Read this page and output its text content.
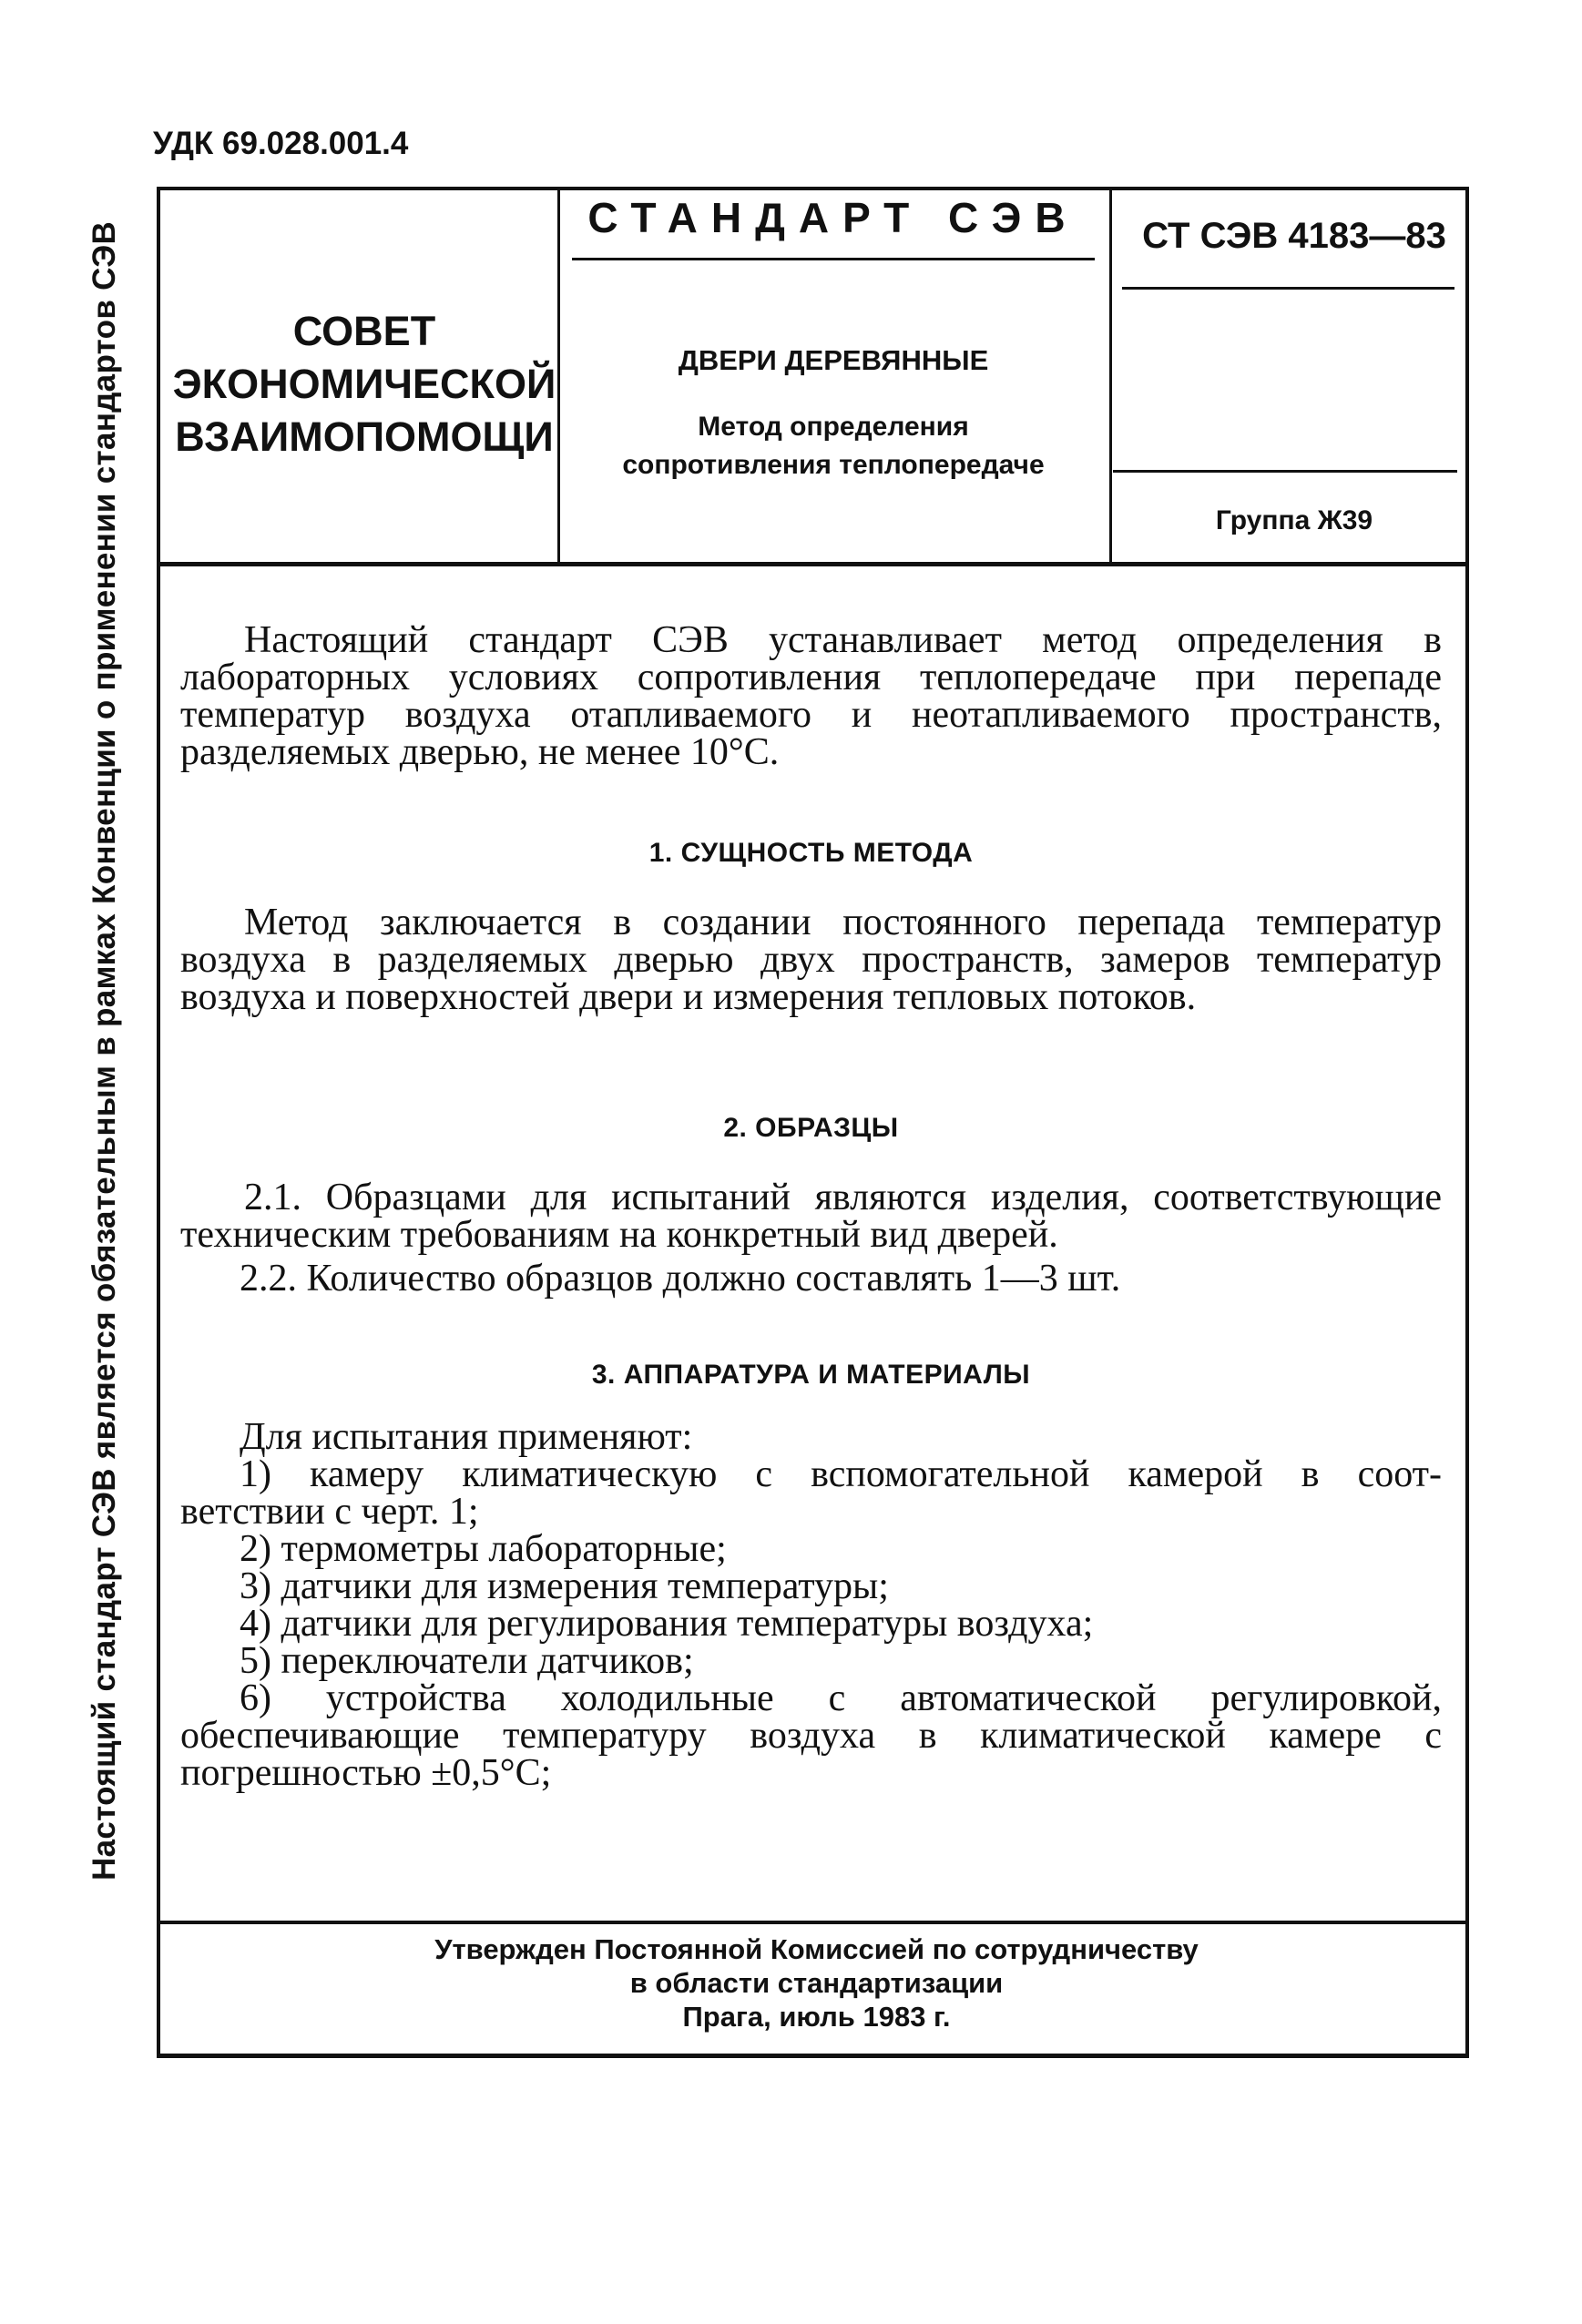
УДК 69.028.001.4
Настоящий стандарт СЭВ является обязательным в рамках Конвенции о применении стандартов СЭВ	СОВЕТ
ЭКОНОМИЧЕСКОЙ
ВЗАИМОПОМОЩИ
СТАНДАРТ СЭВ	СТ СЭВ 4183—83
ДВЕРИ ДЕРЕВЯННЫЕ
Метод определения
сопротивления теплопередаче
Группа Ж39
Настоящий стандарт СЭВ устанавливает метод определения в лабораторных условиях сопротивления теплопередаче при перепаде температур воздуха отапливаемого и неотапливаемого пространств, разделяемых дверью, не менее 10°С.
1. СУЩНОСТЬ МЕТОДА
Метод заключается в создании постоянного перепада температур воздуха в разделяемых дверью двух пространств, замеров температур воздуха и поверхностей двери и измерения тепловых потоков.
2. ОБРАЗЦЫ
2.1. Образцами для испытаний являются изделия, соответствующие техническим требованиям на конкретный вид дверей.
2.2. Количество образцов должно составлять 1—3 шт.
3. АППАРАТУРА И МАТЕРИАЛЫ
Для испытания применяют:
1) камеру климатическую с вспомогательной камерой в соот-
ветствии с черт. 1;
2) термометры лабораторные;
3) датчики для измерения температуры;
4) датчики для регулирования температуры воздуха;
5) переключатели датчиков;
6) устройства холодильные с автоматической регулировкой,
обеспечивающие температуру воздуха в климатической камере с
погрешностью ±0,5°С;
Утвержден Постоянной Комиссией по сотрудничеству
в области стандартизации
Прага, июль 1983 г.
